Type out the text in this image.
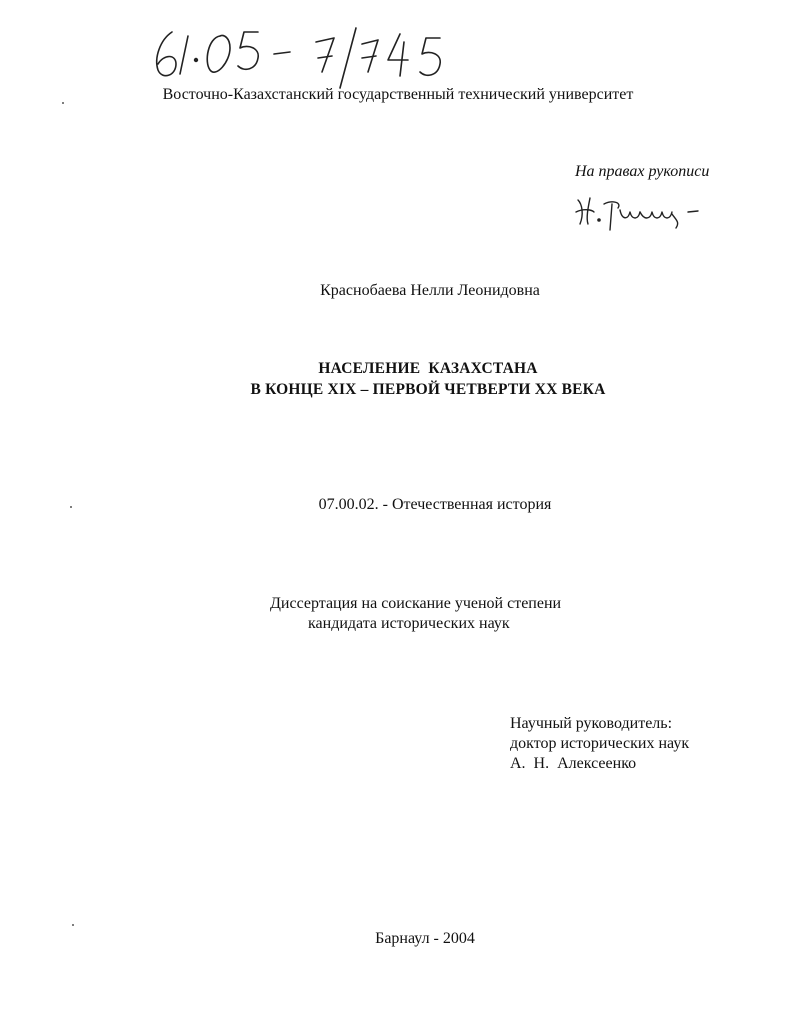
Восточно-Казахстанский государственный технический университет
На правах рукописи
Краснобаева Нелли Леонидовна
НАСЕЛЕНИЕ  КАЗАХСТАНА
В КОНЦЕ XIX – ПЕРВОЙ ЧЕТВЕРТИ XX ВЕКА
07.00.02. - Отечественная история
Диссертация на соискание ученой степени
кандидата исторических наук
Научный руководитель:
доктор исторических наук
А.  Н.  Алексеенко
Барнаул - 2004
